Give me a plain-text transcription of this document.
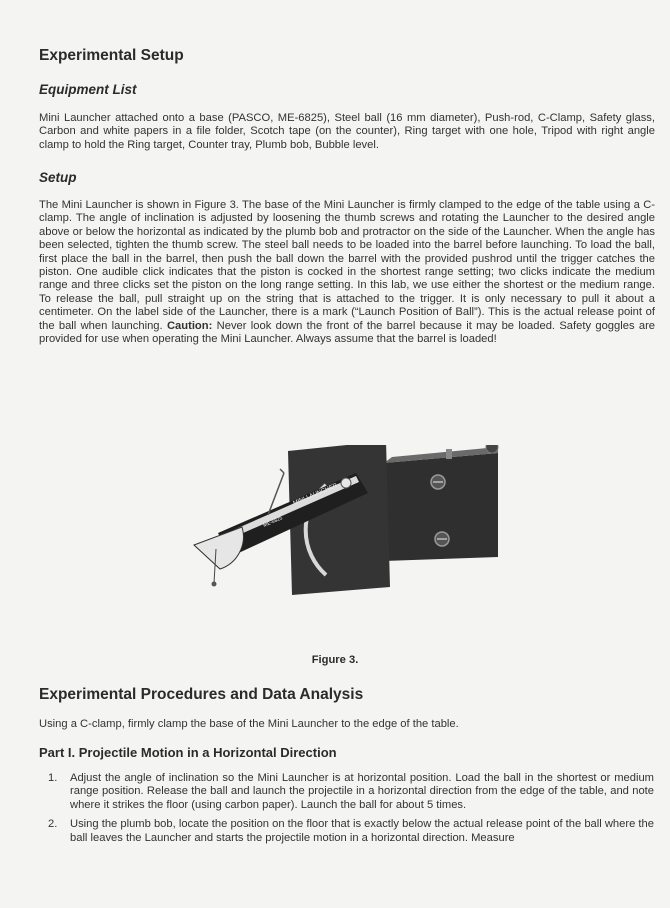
Experimental Setup
Equipment List
Mini Launcher attached onto a base (PASCO, ME-6825), Steel ball (16 mm diameter), Push-rod, C-Clamp, Safety glass, Carbon and white papers in a file folder, Scotch tape (on the counter), Ring target with one hole, Tripod with right angle clamp to hold the Ring target, Counter tray, Plumb bob, Bubble level.
Setup
The Mini Launcher is shown in Figure 3. The base of the Mini Launcher is firmly clamped to the edge of the table using a C-clamp. The angle of inclination is adjusted by loosening the thumb screws and rotating the Launcher to the desired angle above or below the horizontal as indicated by the plumb bob and protractor on the side of the Launcher. When the angle has been selected, tighten the thumb screw. The steel ball needs to be loaded into the barrel before launching. To load the ball, first place the ball in the barrel, then push the ball down the barrel with the provided pushrod until the trigger catches the piston. One audible click indicates that the piston is cocked in the shortest range setting; two clicks indicate the medium range and three clicks set the piston on the long range setting. In this lab, we use either the shortest or the medium range. To release the ball, pull straight up on the string that is attached to the trigger. It is only necessary to pull it about a centimeter. On the label side of the Launcher, there is a mark (“Launch Position of Ball”). This is the actual release point of the ball when launching. Caution: Never look down the front of the barrel because it may be loaded. Safety goggles are provided for use when operating the Mini Launcher. Always assume that the barrel is loaded!
MINI LAUNCHER
ME-6825
Figure 3.
Experimental Procedures and Data Analysis
Using a C-clamp, firmly clamp the base of the Mini Launcher to the edge of the table.
Part I. Projectile Motion in a Horizontal Direction
1. Adjust the angle of inclination so the Mini Launcher is at horizontal position. Load the ball in the shortest or medium range position. Release the ball and launch the projectile in a horizontal direction from the edge of the table, and note where it strikes the floor (using carbon paper). Launch the ball for about 5 times.
2. Using the plumb bob, locate the position on the floor that is exactly below the actual release point of the ball where the ball leaves the Launcher and starts the projectile motion in a horizontal direction. Measure
